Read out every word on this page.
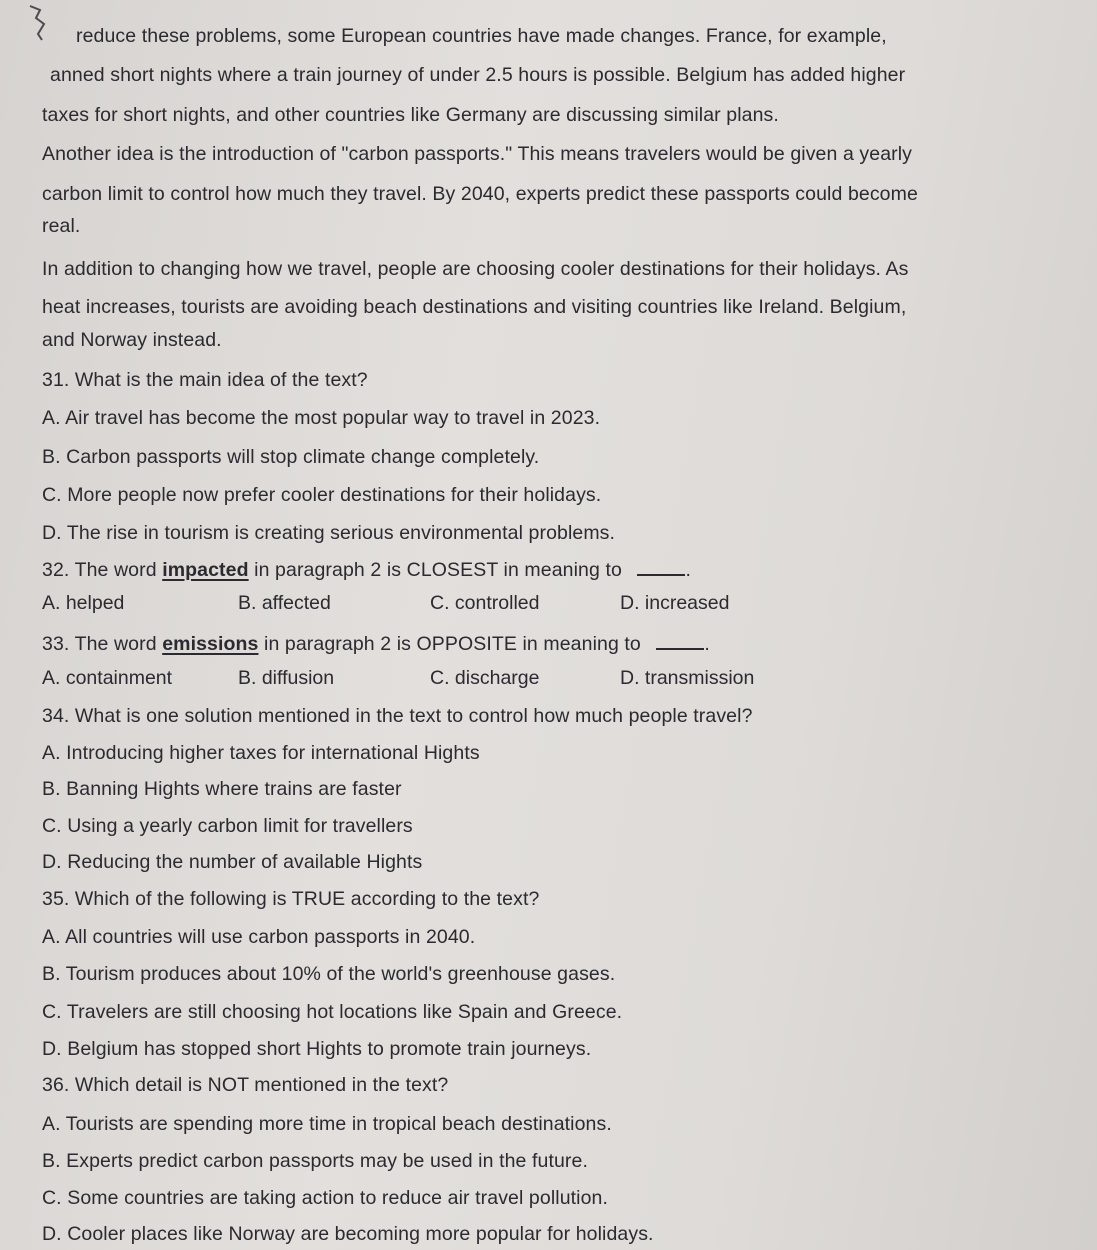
reduce these problems, some European countries have made changes. France, for example,
anned short nights where a train journey of under 2.5 hours is possible. Belgium has added higher
taxes for short nights, and other countries like Germany are discussing similar plans.
Another idea is the introduction of "carbon passports." This means travelers would be given a yearly
carbon limit to control how much they travel. By 2040, experts predict these passports could become
real.
In addition to changing how we travel, people are choosing cooler destinations for their holidays. As
heat increases, tourists are avoiding beach destinations and visiting countries like Ireland. Belgium,
and Norway instead.
31. What is the main idea of the text?
A. Air travel has become the most popular way to travel in 2023.
B. Carbon passports will stop climate change completely.
C. More people now prefer cooler destinations for their holidays.
D. The rise in tourism is creating serious environmental problems.
32. The word impacted in paragraph 2 is CLOSEST in meaning to	.
A. helped	B. affected	C. controlled	D. increased
33. The word emissions in paragraph 2 is OPPOSITE in meaning to	.
A. containment	B. diffusion	C. discharge	D. transmission
34. What is one solution mentioned in the text to control how much people travel?
A. Introducing higher taxes for international Hights
B. Banning Hights where trains are faster
C. Using a yearly carbon limit for travellers
D. Reducing the number of available Hights
35. Which of the following is TRUE according to the text?
A. All countries will use carbon passports in 2040.
B. Tourism produces about 10% of the world's greenhouse gases.
C. Travelers are still choosing hot locations like Spain and Greece.
D. Belgium has stopped short Hights to promote train journeys.
36. Which detail is NOT mentioned in the text?
A. Tourists are spending more time in tropical beach destinations.
B. Experts predict carbon passports may be used in the future.
C. Some countries are taking action to reduce air travel pollution.
D. Cooler places like Norway are becoming more popular for holidays.
